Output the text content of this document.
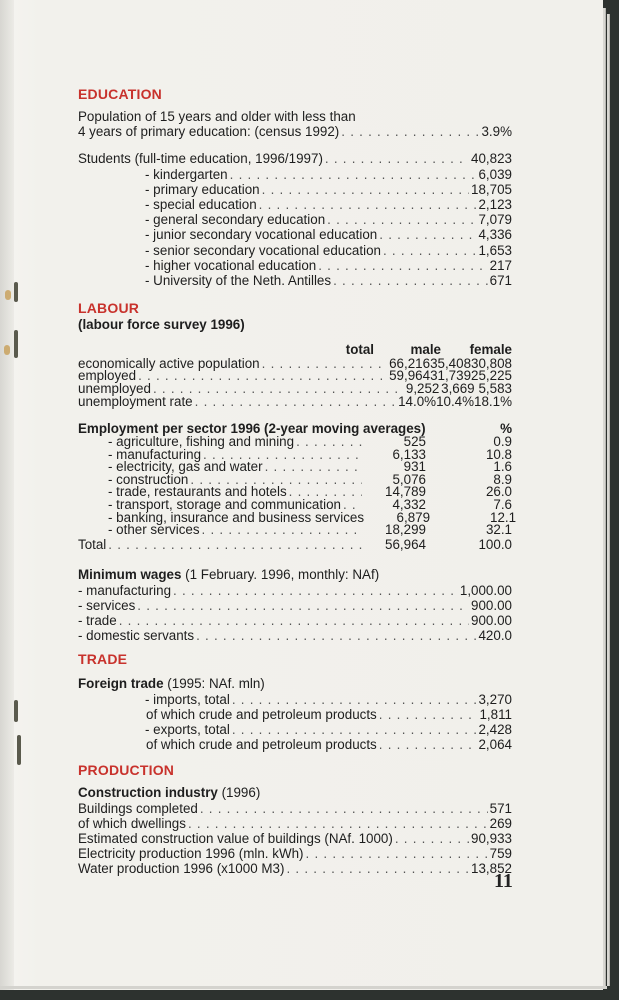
EDUCATION
Population of 15 years and older with less than
4 years of primary education: (census 1992) . . .	3.9%
Students (full-time education, 1996/1997) . . .	40,823
- kindergarten . . .	6,039
- primary education . . .	18,705
- special education . . .	2,123
- general secondary education . . .	7,079
- junior secondary vocational education . . .	4,336
- senior secondary vocational education . . .	1,653
- higher vocational education . . .	217
- University of the Neth. Antilles . . .	671
LABOUR
(labour force survey 1996)
total	male	female
economically active population . . .	66,216 35,408 30,808
employed . . .	59,964 31,739 25,225
unemployed . . .	9,252 3,669 5,583
unemployment rate . . .	14.0% 10.4% 18.1%
Employment per sector 1996 (2-year moving averages)	%
- agriculture, fishing and mining . . .	525	0.9
- manufacturing . . .	6,133	10.8
- electricity, gas and water . . .	931	1.6
- construction . . .	5,076	8.9
- trade, restaurants and hotels . . .	14,789	26.0
- transport, storage and communication . . .	4,332	7.6
- banking, insurance and business services	6,879	12.1
- other services . . .	18,299	32.1
Total . . .	56,964	100.0
Minimum wages (1 February. 1996, monthly: NAf)
- manufacturing . . .	1,000.00
- services . . .	900.00
- trade . . .	900.00
- domestic servants . . .	420.0
TRADE
Foreign trade (1995: NAf. mln)
- imports, total . . .	3,270
of which crude and petroleum products . . .	1,811
- exports, total . . .	2,428
of which crude and petroleum products . . .	2,064
PRODUCTION
Construction industry (1996)
Buildings completed . . .	571
of which dwellings . . .	269
Estimated construction value of buildings (NAf. 1000) . . .	90,933
Electricity production 1996 (mln. kWh) . . .	759
Water production 1996 (x1000 M3) . . .	13,852
11
